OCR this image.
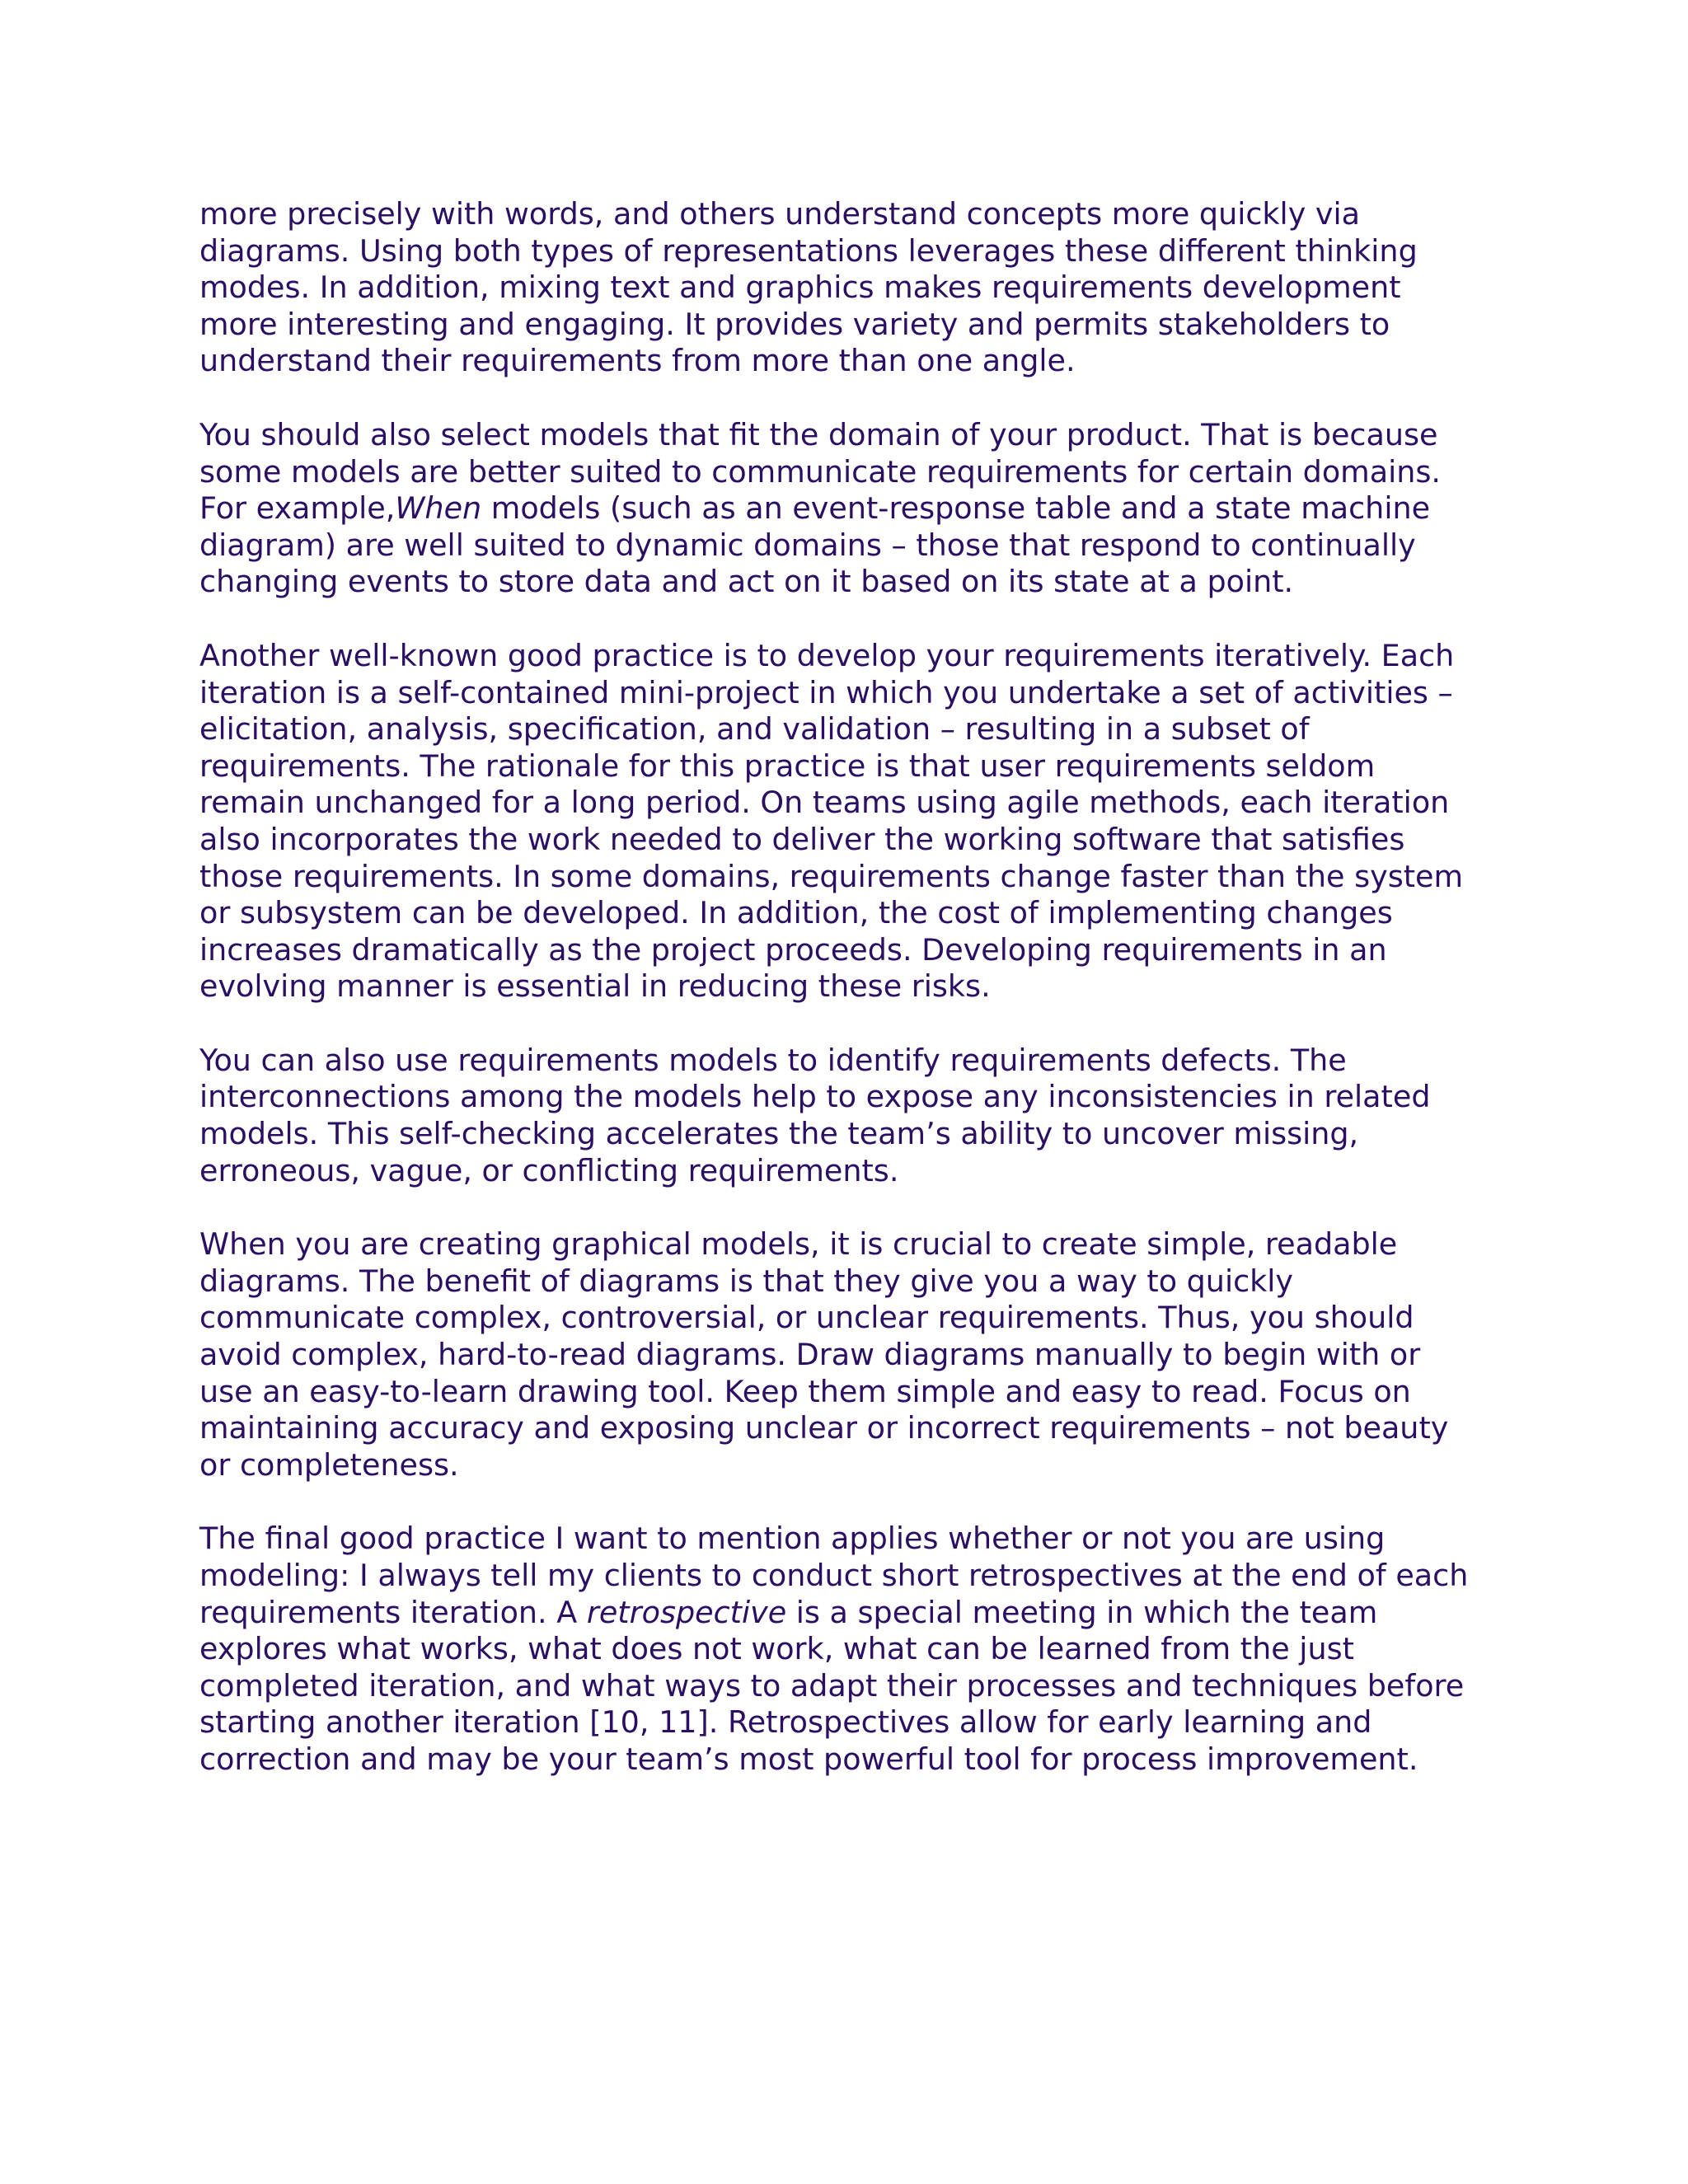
more precisely with words, and others understand concepts more quickly via
diagrams. Using both types of representations leverages these different thinking
modes. In addition, mixing text and graphics makes requirements development
more interesting and engaging. It provides variety and permits stakeholders to
understand their requirements from more than one angle.

You should also select models that fit the domain of your product. That is because
some models are better suited to communicate requirements for certain domains.
For example,When models (such as an event-response table and a state machine
diagram) are well suited to dynamic domains – those that respond to continually
changing events to store data and act on it based on its state at a point.

Another well-known good practice is to develop your requirements iteratively. Each
iteration is a self-contained mini-project in which you undertake a set of activities –
elicitation, analysis, specification, and validation – resulting in a subset of
requirements. The rationale for this practice is that user requirements seldom
remain unchanged for a long period. On teams using agile methods, each iteration
also incorporates the work needed to deliver the working software that satisfies
those requirements. In some domains, requirements change faster than the system
or subsystem can be developed. In addition, the cost of implementing changes
increases dramatically as the project proceeds. Developing requirements in an
evolving manner is essential in reducing these risks.

You can also use requirements models to identify requirements defects. The
interconnections among the models help to expose any inconsistencies in related
models. This self-checking accelerates the team’s ability to uncover missing,
erroneous, vague, or conflicting requirements.

When you are creating graphical models, it is crucial to create simple, readable
diagrams. The benefit of diagrams is that they give you a way to quickly
communicate complex, controversial, or unclear requirements. Thus, you should
avoid complex, hard-to-read diagrams. Draw diagrams manually to begin with or
use an easy-to-learn drawing tool. Keep them simple and easy to read. Focus on
maintaining accuracy and exposing unclear or incorrect requirements – not beauty
or completeness.

The final good practice I want to mention applies whether or not you are using
modeling: I always tell my clients to conduct short retrospectives at the end of each
requirements iteration. A retrospective is a special meeting in which the team
explores what works, what does not work, what can be learned from the just
completed iteration, and what ways to adapt their processes and techniques before
starting another iteration [10, 11]. Retrospectives allow for early learning and
correction and may be your team’s most powerful tool for process improvement.
